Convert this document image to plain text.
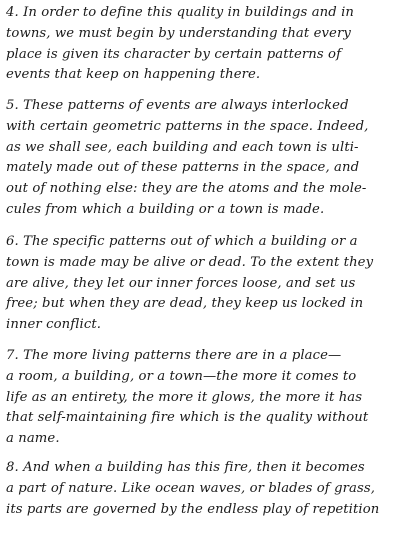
4. In order to define this quality in buildings and in
towns, we must begin by understanding that every
place is given its character by certain patterns of
events that keep on happening there.

5. These patterns of events are always interlocked
with certain geometric patterns in the space. Indeed,
as we shall see, each building and each town is ulti-
mately made out of these patterns in the space, and
out of nothing else: they are the atoms and the mole-
cules from which a building or a town is made.

6. The specific patterns out of which a building or a
town is made may be alive or dead. To the extent they
are alive, they let our inner forces loose, and set us
free; but when they are dead, they keep us locked in
inner conflict.

7. The more living patterns there are in a place—
a room, a building, or a town—the more it comes to
life as an entirety, the more it glows, the more it has
that self-maintaining fire which is the quality without
a name.

8. And when a building has this fire, then it becomes
a part of nature. Like ocean waves, or blades of grass,
its parts are governed by the endless play of repetition
